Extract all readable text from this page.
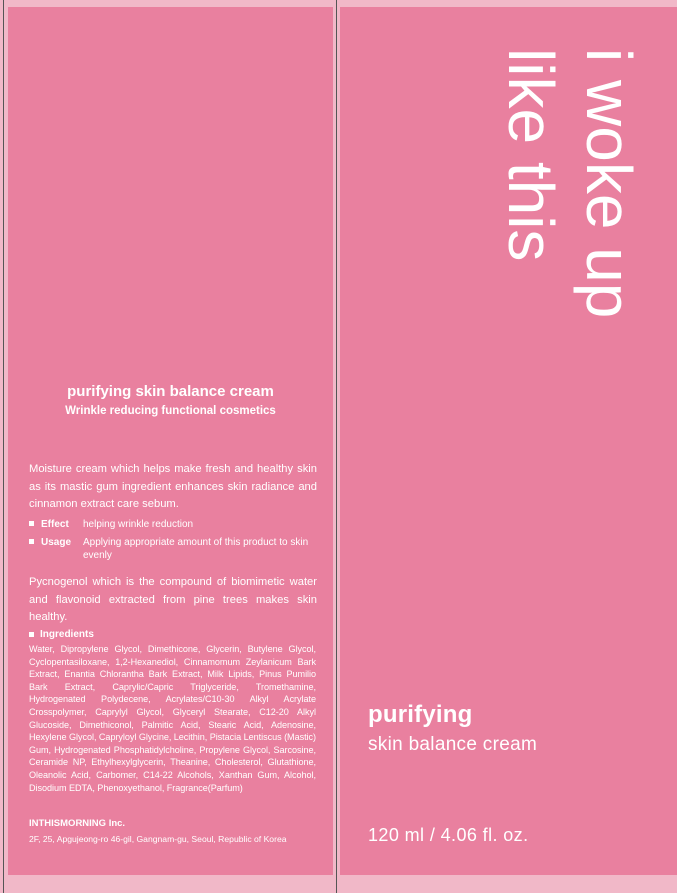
i woke up
like this
purifying
skin balance cream
120 ml / 4.06 fl. oz.
purifying skin balance cream
Wrinkle reducing functional cosmetics

Moisture cream which helps make fresh and healthy skin as its mastic gum ingredient enhances skin radiance and cinnamon extract care sebum.

Effect helping wrinkle reduction
Usage Applying appropriate amount of this product to skin evenly

Pycnogenol which is the compound of biomimetic water and flavonoid extracted from pine trees makes skin healthy.

Ingredients

Water, Dipropylene Glycol, Dimethicone, Glycerin, Butylene Glycol, Cyclopentasiloxane, 1,2-Hexanediol, Cinnamomum Zeylanicum Bark Extract, Enantia Chlorantha Bark Extract, Milk Lipids, Pinus Pumilio Bark Extract, Caprylic/Capric Triglyceride, Tromethamine, Hydrogenated Polydecene, Acrylates/C10-30 Alkyl Acrylate Crosspolymer, Caprylyl Glycol, Glyceryl Stearate, C12-20 Alkyl Glucoside, Dimethiconol, Palmitic Acid, Stearic Acid, Adenosine, Hexylene Glycol, Capryloyl Glycine, Lecithin, Pistacia Lentiscus (Mastic) Gum, Hydrogenated Phosphatidylcholine, Propylene Glycol, Sarcosine, Ceramide NP, Ethylhexylglycerin, Theanine, Cholesterol, Glutathione, Oleanolic Acid, Carbomer, C14-22 Alcohols, Xanthan Gum, Alcohol, Disodium EDTA, Phenoxyethanol, Fragrance(Parfum)

INTHISMORNING Inc.
2F, 25, Apgujeong-ro 46-gil, Gangnam-gu, Seoul, Republic of Korea
